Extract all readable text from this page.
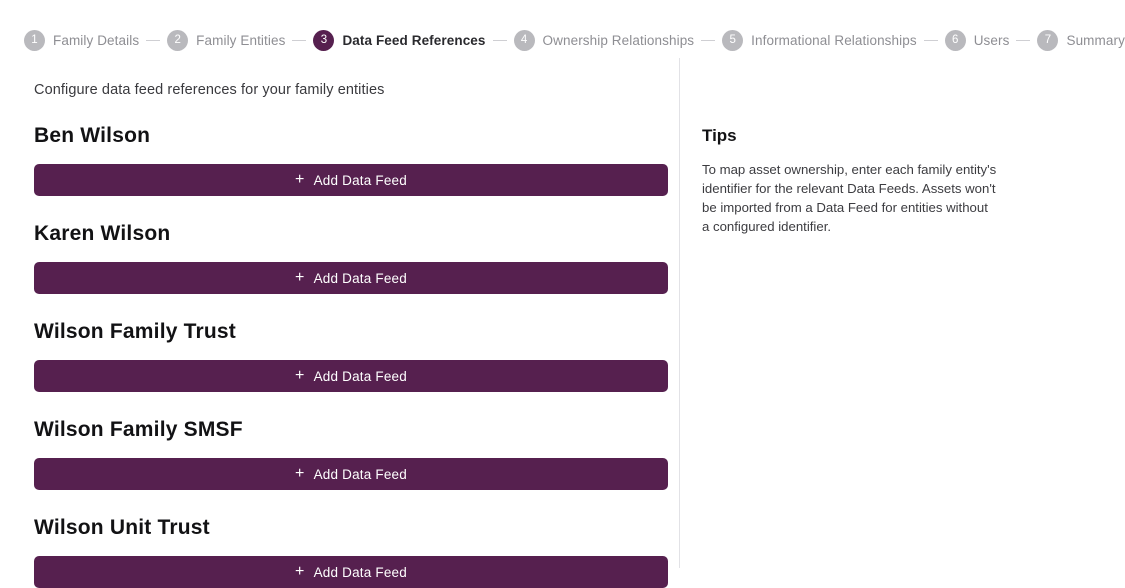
1	Family Details	2	Family Entities	3	Data Feed References	4	Ownership Relationships	5	Informational Relationships	6	Users	7	Summary
Configure data feed references for your family entities
Ben Wilson
+ Add Data Feed
Karen Wilson
+ Add Data Feed
Wilson Family Trust
+ Add Data Feed
Wilson Family SMSF
+ Add Data Feed
Wilson Unit Trust
+ Add Data Feed
Tips
To map asset ownership, enter each family entity's identifier for the relevant Data Feeds. Assets won't be imported from a Data Feed for entities without a configured identifier.
